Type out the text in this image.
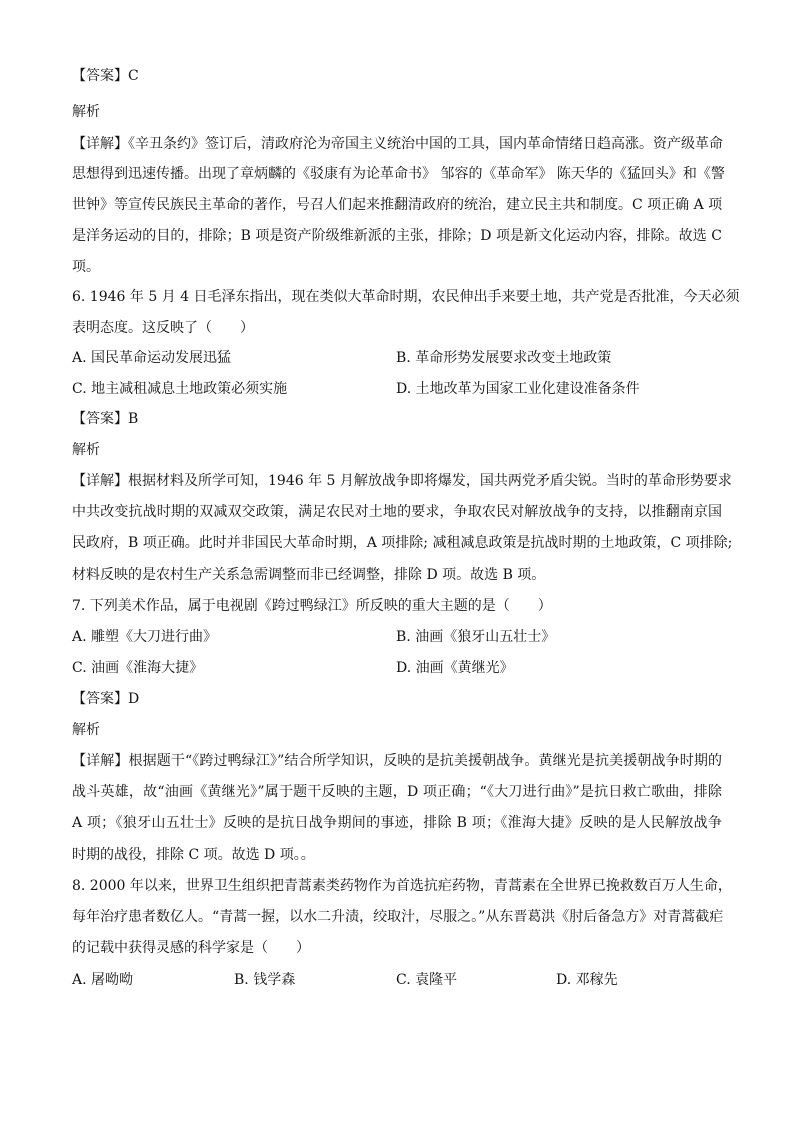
【答案】C
解析
【详解】《辛丑条约》签订后，清政府沦为帝国主义统治中国的工具，国内革命情绪日趋高涨。资产级革命
思想得到迅速传播。出现了章炳麟的《驳康有为论革命书》 邹容的《革命军》 陈天华的《猛回头》和《警
世钟》等宣传民族民主革命的著作，号召人们起来推翻清政府的统治，建立民主共和制度。C 项正确 A 项
是洋务运动的目的，排除；B 项是资产阶级维新派的主张，排除；D 项是新文化运动内容，排除。故选 C
项。
6. 1946 年 5 月 4 日毛泽东指出，现在类似大革命时期，农民伸出手来要土地，共产党是否批准，今天必须
表明态度。这反映了（　　）
A. 国民革命运动发展迅猛	B. 革命形势发展要求改变土地政策
C. 地主减租减息土地政策必须实施	D. 土地改革为国家工业化建设准备条件
【答案】B
解析
【详解】根据材料及所学可知，1946 年 5 月解放战争即将爆发，国共两党矛盾尖锐。当时的革命形势要求
中共改变抗战时期的双减双交政策，满足农民对土地的要求，争取农民对解放战争的支持，以推翻南京国
民政府，B 项正确。此时并非国民大革命时期，A 项排除; 减租减息政策是抗战时期的土地政策，C 项排除;
材料反映的是农村生产关系急需调整而非已经调整，排除 D 项。故选 B 项。
7. 下列美术作品，属于电视剧《跨过鸭绿江》所反映的重大主题的是（　　）
A. 雕塑《大刀进行曲》	B. 油画《狼牙山五壮士》
C. 油画《淮海大捷》	D. 油画《黄继光》
【答案】D
解析
【详解】根据题干“《跨过鸭绿江》”结合所学知识，反映的是抗美援朝战争。黄继光是抗美援朝战争时期的
战斗英雄，故“油画《黄继光》”属于题干反映的主题，D 项正确；“《大刀进行曲》”是抗日救亡歌曲，排除
A 项；《狼牙山五壮士》反映的是抗日战争期间的事迹，排除 B 项；《淮海大捷》反映的是人民解放战争
时期的战役，排除 C 项。故选 D 项。。
8. 2000 年以来，世界卫生组织把青蒿素类药物作为首选抗疟药物，青蒿素在全世界已挽救数百万人生命，
每年治疗患者数亿人。“青蒿一握，以水二升渍，绞取汁，尽服之。”从东晋葛洪《肘后备急方》对青蒿截疟
的记载中获得灵感的科学家是（　　）
A. 屠呦呦	B. 钱学森	C. 袁隆平	D. 邓稼先
